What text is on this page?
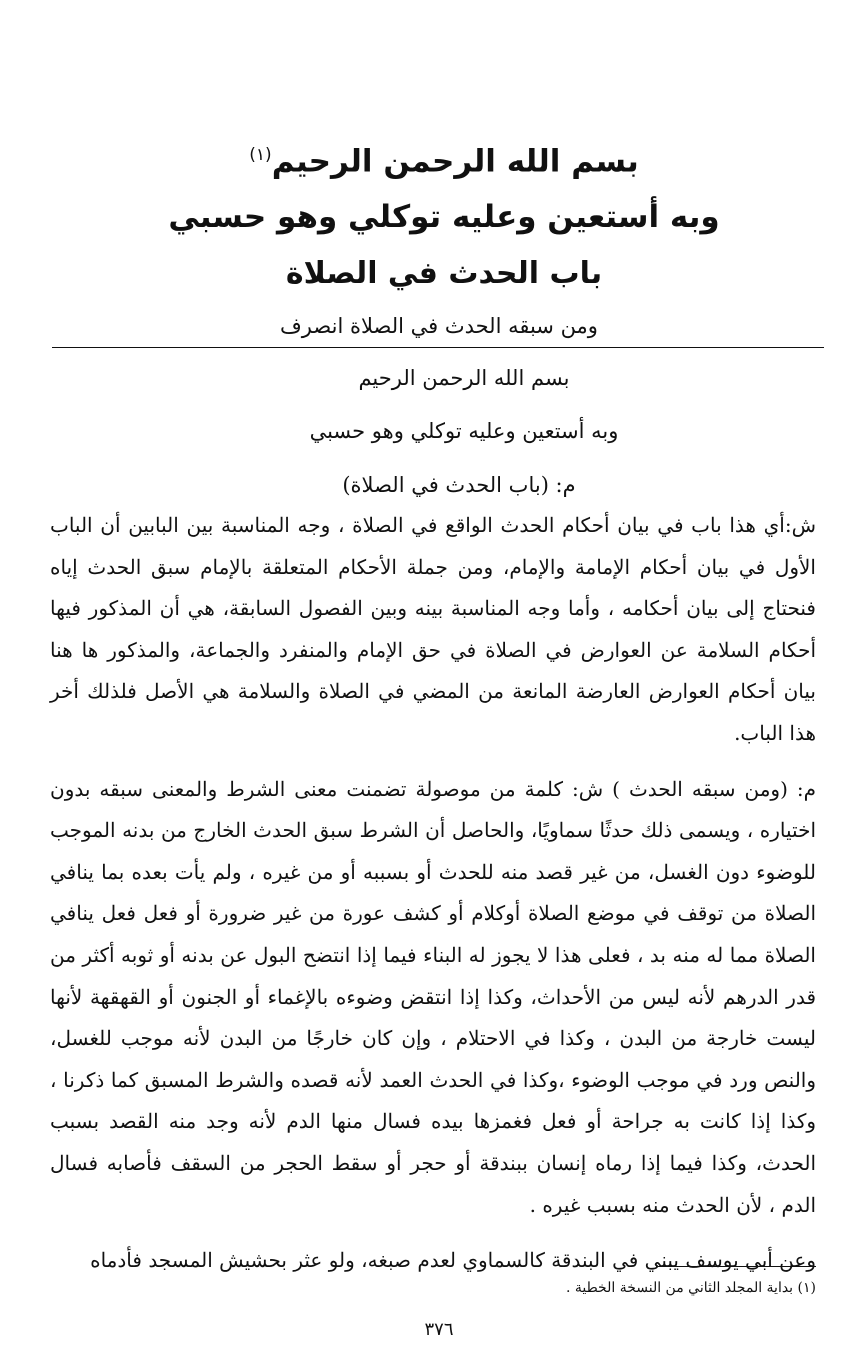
بسم الله الرحمن الرحيم$^{(١)}$

وبه أستعين وعليه توكلي وهو حسبي

باب الحدث في الصلاة

ومن سبقه الحدث في الصلاة انصرف

بسم الله الرحمن الرحيم

وبه أستعين وعليه توكلي وهو حسبي

م: (باب الحدث في الصلاة)

ش:أي هذا باب في بيان أحكام الحدث الواقع في الصلاة ، وجه المناسبة بين البابين أن الباب الأول في بيان أحكام الإمامة والإمام، ومن جملة الأحكام المتعلقة بالإمام سبق الحدث إياه فنحتاج إلى بيان أحكامه ، وأما وجه المناسبة بينه وبين الفصول السابقة، هي أن المذكور فيها أحكام السلامة عن العوارض في الصلاة في حق الإمام والمنفرد والجماعة، والمذكور ها هنا بيان أحكام العوارض العارضة المانعة من المضي في الصلاة والسلامة هي الأصل فلذلك أخر هذا الباب.

م: (ومن سبقه الحدث ) ش: كلمة من موصولة تضمنت معنى الشرط والمعنى سبقه بدون اختياره ، ويسمى ذلك حدثًا سماويًا، والحاصل أن الشرط سبق الحدث الخارج من بدنه الموجب للوضوء دون الغسل، من غير قصد منه للحدث أو بسببه أو من غيره ، ولم يأت بعده بما ينافي الصلاة من توقف في موضع الصلاة أوكلام أو كشف عورة من غير ضرورة أو فعل فعل ينافي الصلاة مما له منه بد ، فعلى هذا لا يجوز له البناء فيما إذا انتضح البول عن بدنه أو ثوبه أكثر من قدر الدرهم لأنه ليس من الأحداث، وكذا إذا انتقض وضوءه بالإغماء أو الجنون أو القهقهة لأنها ليست خارجة من البدن ، وكذا في الاحتلام ، وإن كان خارجًا من البدن لأنه موجب للغسل، والنص ورد في موجب الوضوء ،وكذا في الحدث العمد لأنه قصده والشرط المسبق كما ذكرنا ، وكذا إذا كانت به جراحة أو فعل فغمزها بيده فسال منها الدم لأنه وجد منه القصد بسبب الحدث، وكذا فيما إذا رماه إنسان ببندقة أو حجر أو سقط الحجر من السقف فأصابه فسال الدم ، لأن الحدث منه بسبب غيره .

وعن أبي يوسف يبني في البندقة كالسماوي لعدم صبغه، ولو عثر بحشيش المسجد فأدماه

(١) بداية المجلد الثاني من النسخة الخطية .
٣٧٦
